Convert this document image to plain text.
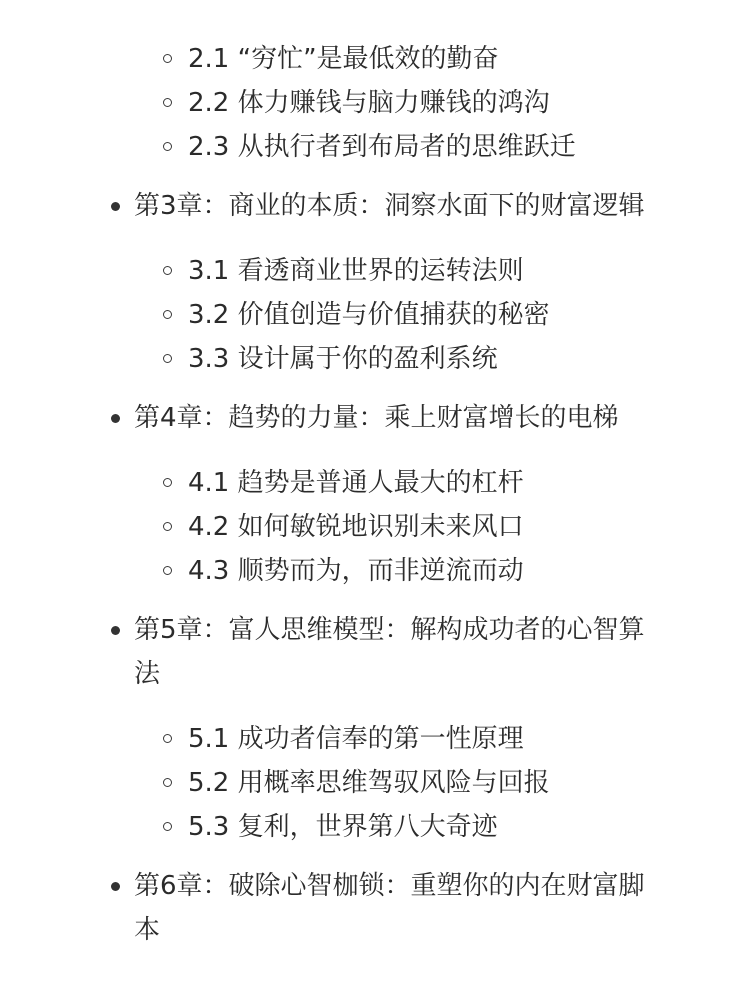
2.1 “穷忙”是最低效的勤奋
2.2 体力赚钱与脑力赚钱的鸿沟
2.3 从执行者到布局者的思维跃迁
第3章：商业的本质：洞察水面下的财富逻辑
3.1 看透商业世界的运转法则
3.2 价值创造与价值捕获的秘密
3.3 设计属于你的盈利系统
第4章：趋势的力量：乘上财富增长的电梯
4.1 趋势是普通人最大的杠杆
4.2 如何敏锐地识别未来风口
4.3 顺势而为，而非逆流而动
第5章：富人思维模型：解构成功者的心智算法
5.1 成功者信奉的第一性原理
5.2 用概率思维驾驭风险与回报
5.3 复利，世界第八大奇迹
第6章：破除心智枷锁：重塑你的内在财富脚本
